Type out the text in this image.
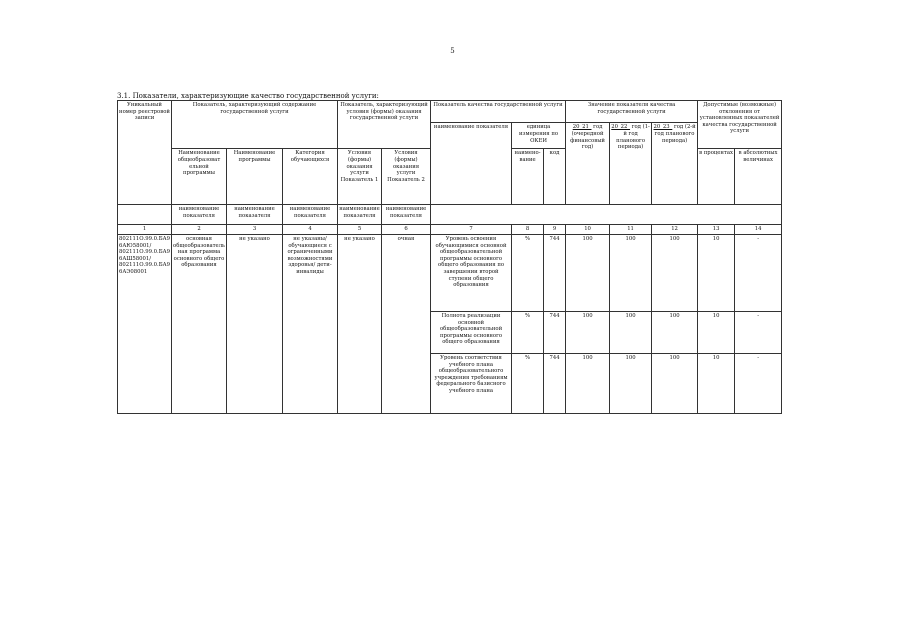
5
3.1. Показатели, характеризующие качество государственной услуги:
Уникальный номер реестровой записи	Показатель, характеризующий содержание государственной услуги			Показатель, характеризующий условия (формы) оказания государственной услуги		Показатель качества государственной услуги			Значение показателя качества государственной услуги			Допустимые (возможные) отклонения от установленных показателей качества государственной услуги	
						наименование показателя	единица измерения по ОКЕИ		20_21_ год (очередной финансовый год)	20_22_ год (1-й год планового периода)	20_23_ год (2-й год планового периода)		
	Наименование общеобразоват ельной программы	Наименование программы	Категория обучающихся	Условия (формы) оказания услуги Показатель 1	Условия (формы) оказания услуги Показатель 2		наимено-вание	код				в процентах	в абсолютных величинах
	наименование показателя	наименование показателя	наименование показателя	наименование показателя	наименование показателя								
1	2	3	4	5	6	7	8	9	10	11	12	13	14
802111О.99.0.БА96АЮ58001/ 802111О.99.0.БА96АШ58001/ 802111О.99.0.БА96АЭ08001	основная общеобразовательная программа основного общего образования	не указано	не указаны/ обучающиеся с ограниченными возможностями здоровья/ дети-инвалиды	не указано	очная	Уровень освоения обучающимися основной общеобразовательной программы основного общего образования по завершении второй ступени общего образования	%	744	100	100	100	10	-
						Полнота реализации основной общеобразовательной программы основного общего образования	%	744	100	100	100	10	-
						Уровень соответствия учебного плана общеобразовательного учреждения требованиям федерального базисного учебного плана	%	744	100	100	100	10	-
